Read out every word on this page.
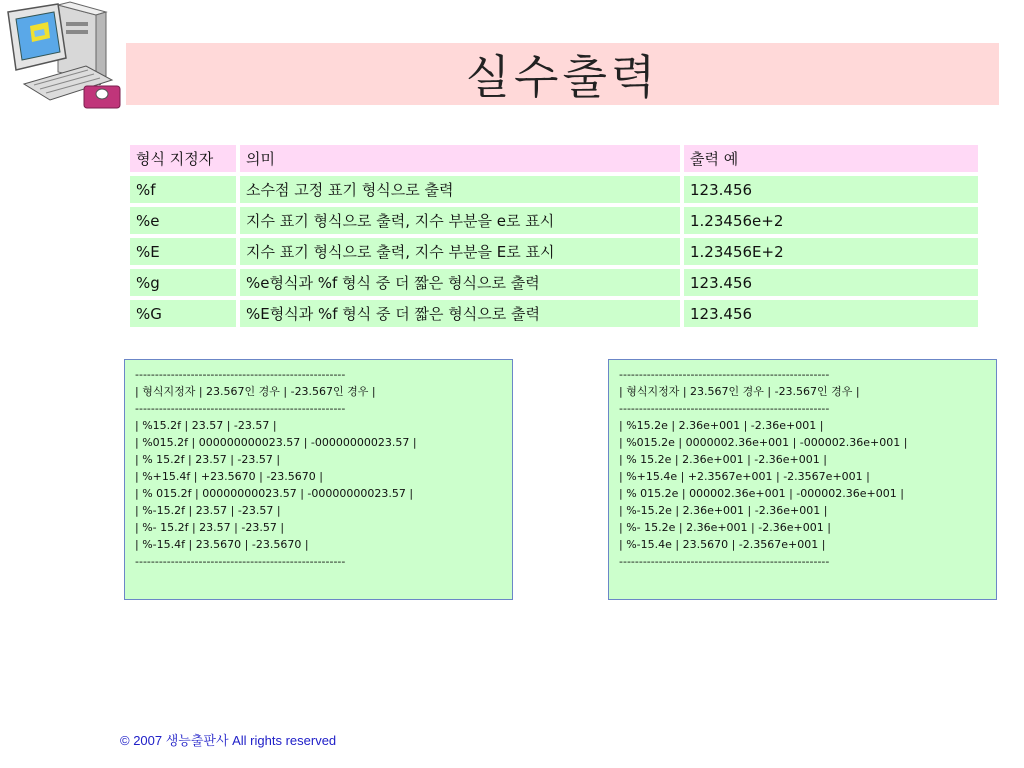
실수출력
형식 지정자	의미	출력 예
%f	소수점 고정 표기 형식으로 출력	123.456
%e	지수 표기 형식으로 출력, 지수 부분을 e로 표시	1.23456e+2
%E	지수 표기 형식으로 출력, 지수 부분을 E로 표시	1.23456E+2
%g	%e형식과 %f 형식 중 더 짧은 형식으로 출력	123.456
%G	%E형식과 %f 형식 중 더 짧은 형식으로 출력	123.456
-----------------------------------------------------
| 형식지정자 | 23.567인 경우 | -23.567인 경우 |
-----------------------------------------------------
| %15.2f | 23.57 | -23.57 |
| %015.2f | 000000000023.57 | -00000000023.57 |
| % 15.2f | 23.57 | -23.57 |
| %+15.4f | +23.5670 | -23.5670 |
| % 015.2f | 00000000023.57 | -00000000023.57 |
| %-15.2f | 23.57 | -23.57 |
| %- 15.2f | 23.57 | -23.57 |
| %-15.4f | 23.5670 | -23.5670 |
-----------------------------------------------------
-----------------------------------------------------
| 형식지정자 | 23.567인 경우 | -23.567인 경우 |
-----------------------------------------------------
| %15.2e | 2.36e+001 | -2.36e+001 |
| %015.2e | 0000002.36e+001 | -000002.36e+001 |
| % 15.2e | 2.36e+001 | -2.36e+001 |
| %+15.4e | +2.3567e+001 | -2.3567e+001 |
| % 015.2e | 000002.36e+001 | -000002.36e+001 |
| %-15.2e | 2.36e+001 | -2.36e+001 |
| %- 15.2e | 2.36e+001 | -2.36e+001 |
| %-15.4e | 23.5670 | -2.3567e+001 |
-----------------------------------------------------
© 2007 생능출판사 All rights reserved
